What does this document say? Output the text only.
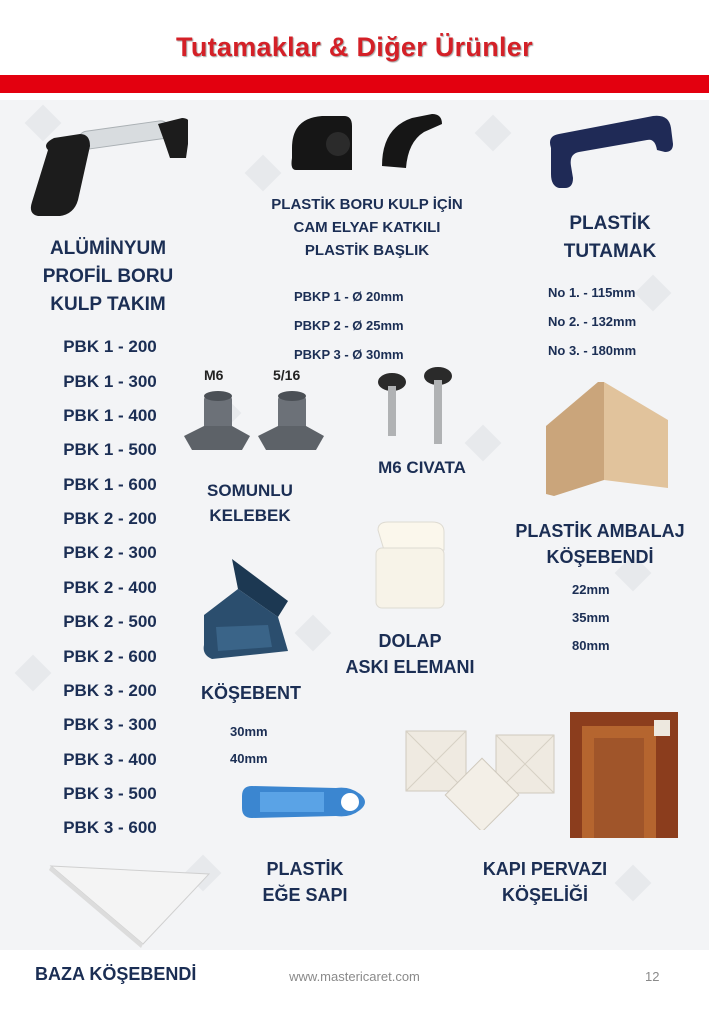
Tutamaklar & Diğer Ürünler
ALÜMİNYUM
PROFİL BORU
KULP TAKIM
PBK 1 - 200
PBK 1 - 300
PBK 1 - 400
PBK 1 - 500
PBK 1 - 600
PBK 2 - 200
PBK 2 - 300
PBK 2 - 400
PBK 2 - 500
PBK 2 - 600
PBK 3 - 200
PBK 3 - 300
PBK 3 - 400
PBK 3 - 500
PBK 3 - 600
PLASTİK BORU KULP İÇİN
CAM ELYAF KATKILI
PLASTİK BAŞLIK
PBKP 1 - Ø 20mm
PBKP 2 - Ø 25mm
PBKP 3 - Ø 30mm
PLASTİK
TUTAMAK
No 1. - 115mm
No 2. - 132mm
No 3. - 180mm
M6	5/16
SOMUNLU
KELEBEK
M6 CIVATA
PLASTİK AMBALAJ
KÖŞEBENDİ
22mm
35mm
80mm
DOLAP
ASKI ELEMANI
KÖŞEBENT
30mm
40mm
PLASTİK
EĞE SAPI
KAPI PERVAZI
KÖŞELİĞİ
BAZA KÖŞEBENDİ	www.mastericaret.com	12
